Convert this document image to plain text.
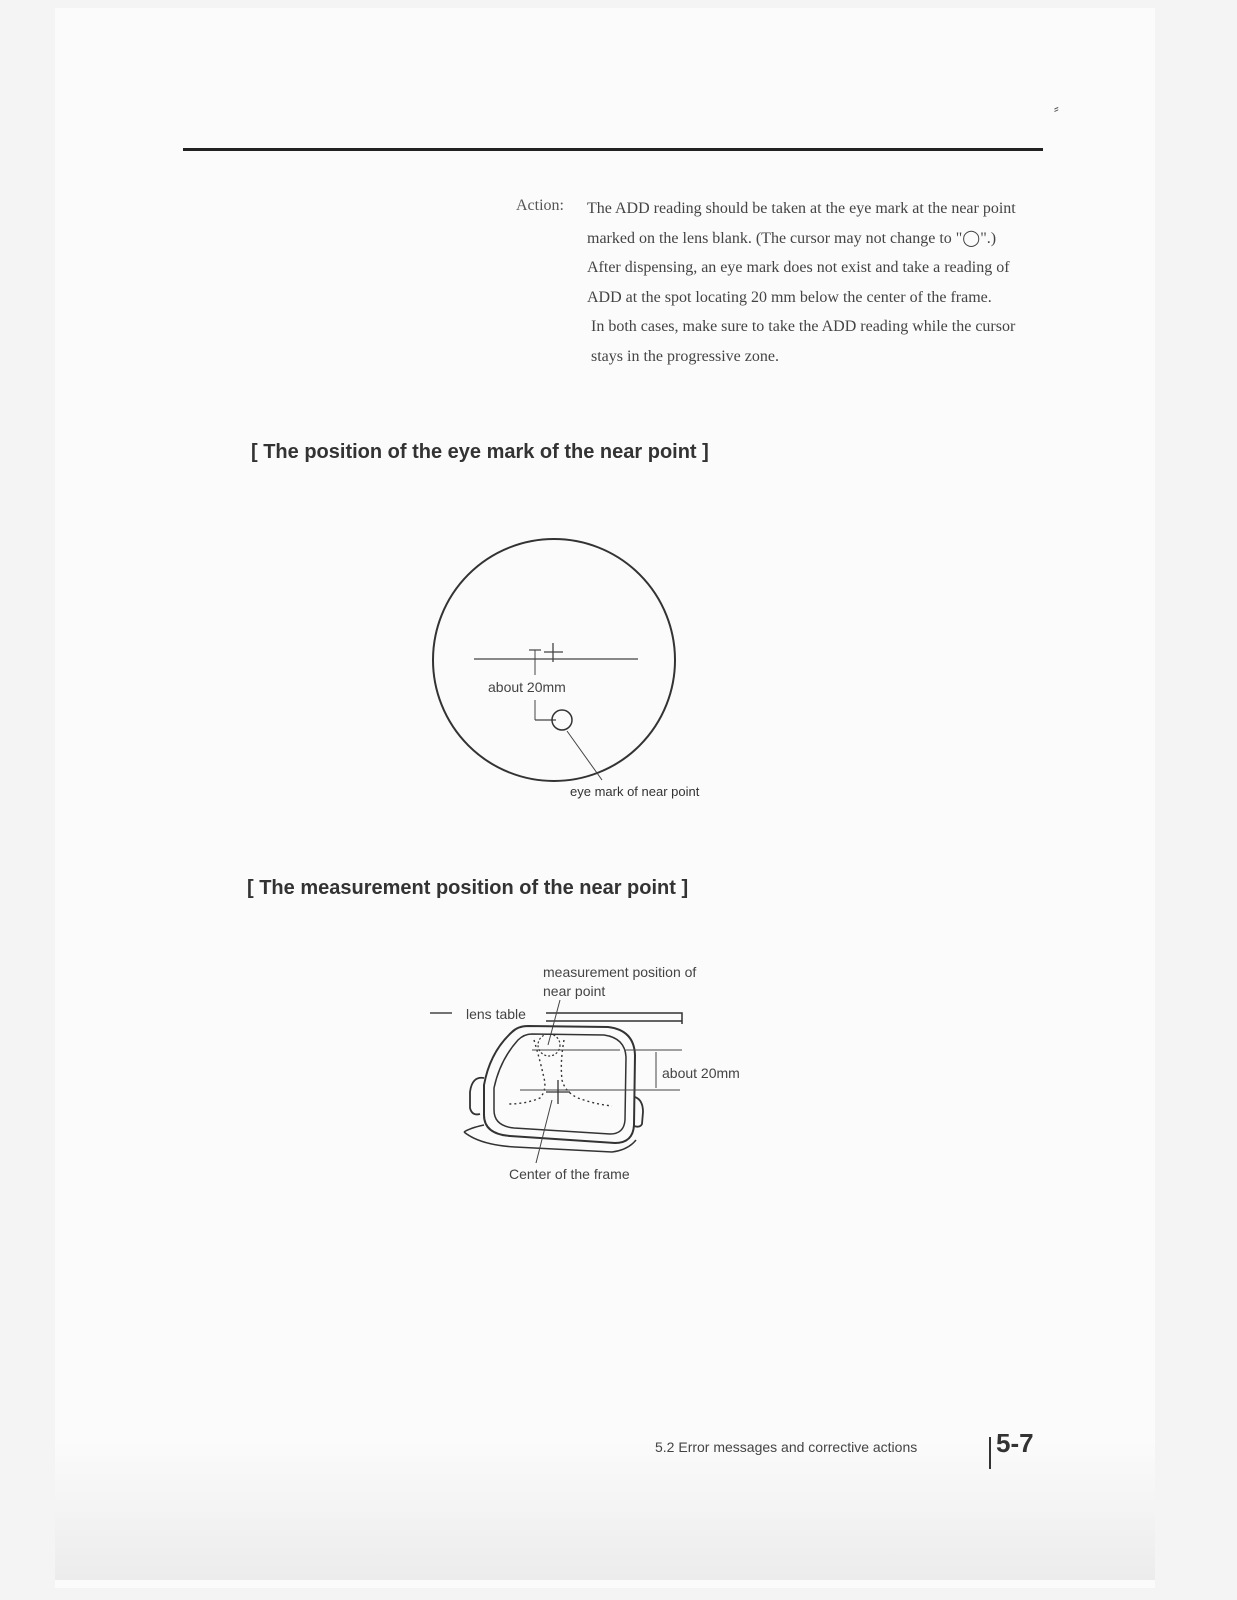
⸗
Action: The ADD reading should be taken at the eye mark at the near point marked on the lens blank. (The cursor may not change to "◯".)

After dispensing, an eye mark does not exist and take a reading of ADD at the spot locating 20 mm below the center of the frame.

In both cases, make sure to take the ADD reading while the cursor stays in the progressive zone.

[ The position of the eye mark of the near point ]
about 20mm
eye mark of near point
[ The measurement position of the near point ]
measurement position of
near point
lens table
about 20mm
Center of the frame
5.2 Error messages and corrective actions	5-7
